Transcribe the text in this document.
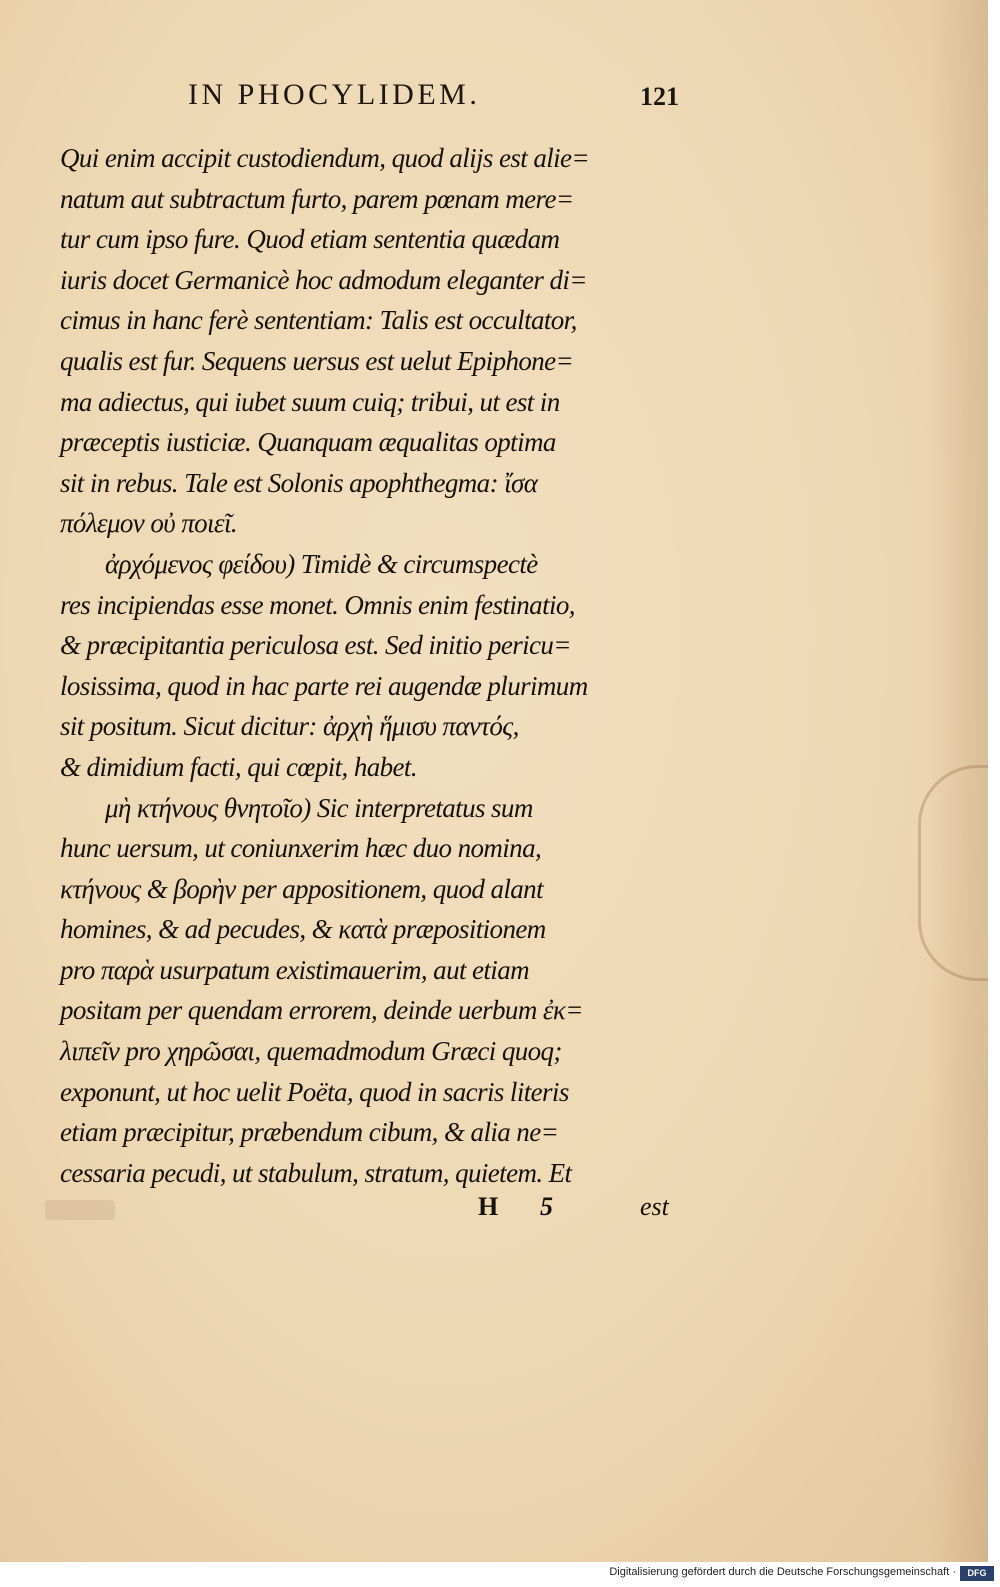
IN PHOCYLIDEM.	121
Qui enim accipit custodiendum, quod alijs est alie=
natum aut subtractum furto, parem pœnam mere=
tur cum ipso fure. Quod etiam sententia quædam
iuris docet Germanicè hoc admodum eleganter di=
cimus in hanc ferè sententiam: Talis est occultator,
qualis est fur. Sequens uersus est uelut Epiphone=
ma adiectus, qui iubet suum cuiq; tribui, ut est in
præceptis iusticiæ. Quanquam æqualitas optima
sit in rebus. Tale est Solonis apophthegma: ἴσα
πόλεμον οὐ ποιεῖ.
ἀρχόμενος φείδου) Timidè & circumspectè
res incipiendas esse monet. Omnis enim festinatio,
& præcipitantia periculosa est. Sed initio pericu=
losissima, quod in hac parte rei augendæ plurimum
sit positum. Sicut dicitur: ἀρχὴ ἥμισυ παντός,
& dimidium facti, qui cœpit, habet.
μὴ κτήνους θνητοῖο) Sic interpretatus sum
hunc uersum, ut coniunxerim hæc duo nomina,
κτήνους & βορὴν per appositionem, quod alant
homines, & ad pecudes, & κατὰ præpositionem
pro παρὰ usurpatum existimauerim, aut etiam
positam per quendam errorem, deinde uerbum ἐκ=
λιπεῖν pro χηρῶσαι, quemadmodum Græci quoq;
exponunt, ut hoc uelit Poëta, quod in sacris literis
etiam præcipitur, præbendum cibum, & alia ne=
cessaria pecudi, ut stabulum, stratum, quietem. Et
H 5	est
Digitalisierung gefördert durch die Deutsche Forschungsgemeinschaft ·	DFG
